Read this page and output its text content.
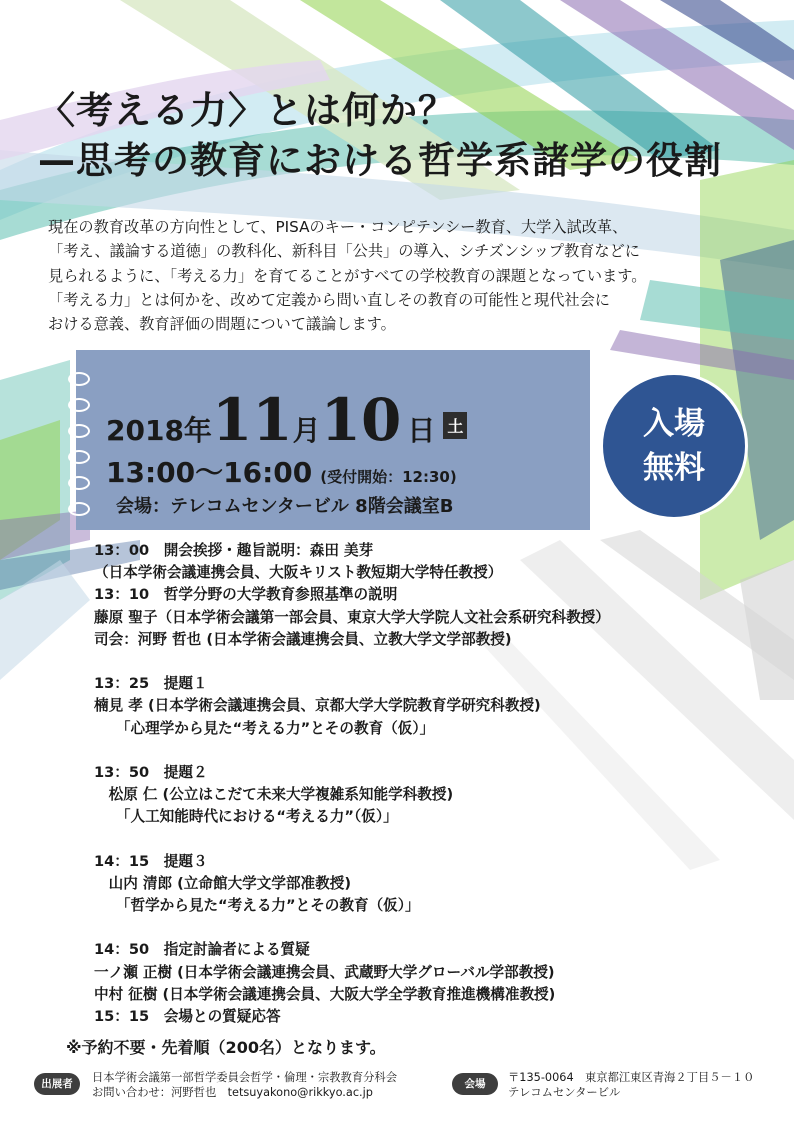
〈考える力〉とは何か？
—思考の教育における哲学系諸学の役割
現在の教育改革の方向性として、PISAのキー・コンピテンシー教育、大学入試改革、
「考え、議論する道徳」の教科化、新科目「公共」の導入、シチズンシップ教育などに
見られるように、「考える力」を育てることがすべての学校教育の課題となっています。
「考える力」とは何かを、改めて定義から問い直しその教育の可能性と現代社会に
おける意義、教育評価の問題について議論します。
2018年11月10 日 土
13:00〜16:00 (受付開始：12:30)
会場：テレコムセンタービル 8階会議室B
入場
無料
13：00　開会挨拶・趣旨説明：森田 美芽
（日本学術会議連携会員、大阪キリスト教短期大学特任教授）
13：10　哲学分野の大学教育参照基準の説明
藤原 聖子（日本学術会議第一部会員、東京大学大学院人文社会系研究科教授）
司会：河野 哲也 (日本学術会議連携会員、立教大学文学部教授)
13：25　提題１
楠見 孝 (日本学術会議連携会員、京都大学大学院教育学研究科教授)
　　「心理学から見た“考える力”とその教育（仮）」
13：50　提題２
　松原 仁 (公立はこだて未来大学複雑系知能学科教授)
　　「人工知能時代における“考える力”（仮）」
14：15　提題３
　山内 清郎 (立命館大学文学部准教授)
　　「哲学から見た“考える力”とその教育（仮）」
14：50　指定討論者による質疑
一ノ瀬 正樹 (日本学術会議連携会員、武蔵野大学グローバル学部教授)
中村 征樹 (日本学術会議連携会員、大阪大学全学教育推進機構准教授)
15：15　会場との質疑応答
※予約不要・先着順（200名）となります。
出展者	日本学術会議第一部哲学委員会哲学・倫理・宗教教育分科会
お問い合わせ：河野哲也　tetsuyakono@rikkyo.ac.jp
会場	〒135-0064　東京都江東区青海２丁目５－１０
テレコムセンタービル
